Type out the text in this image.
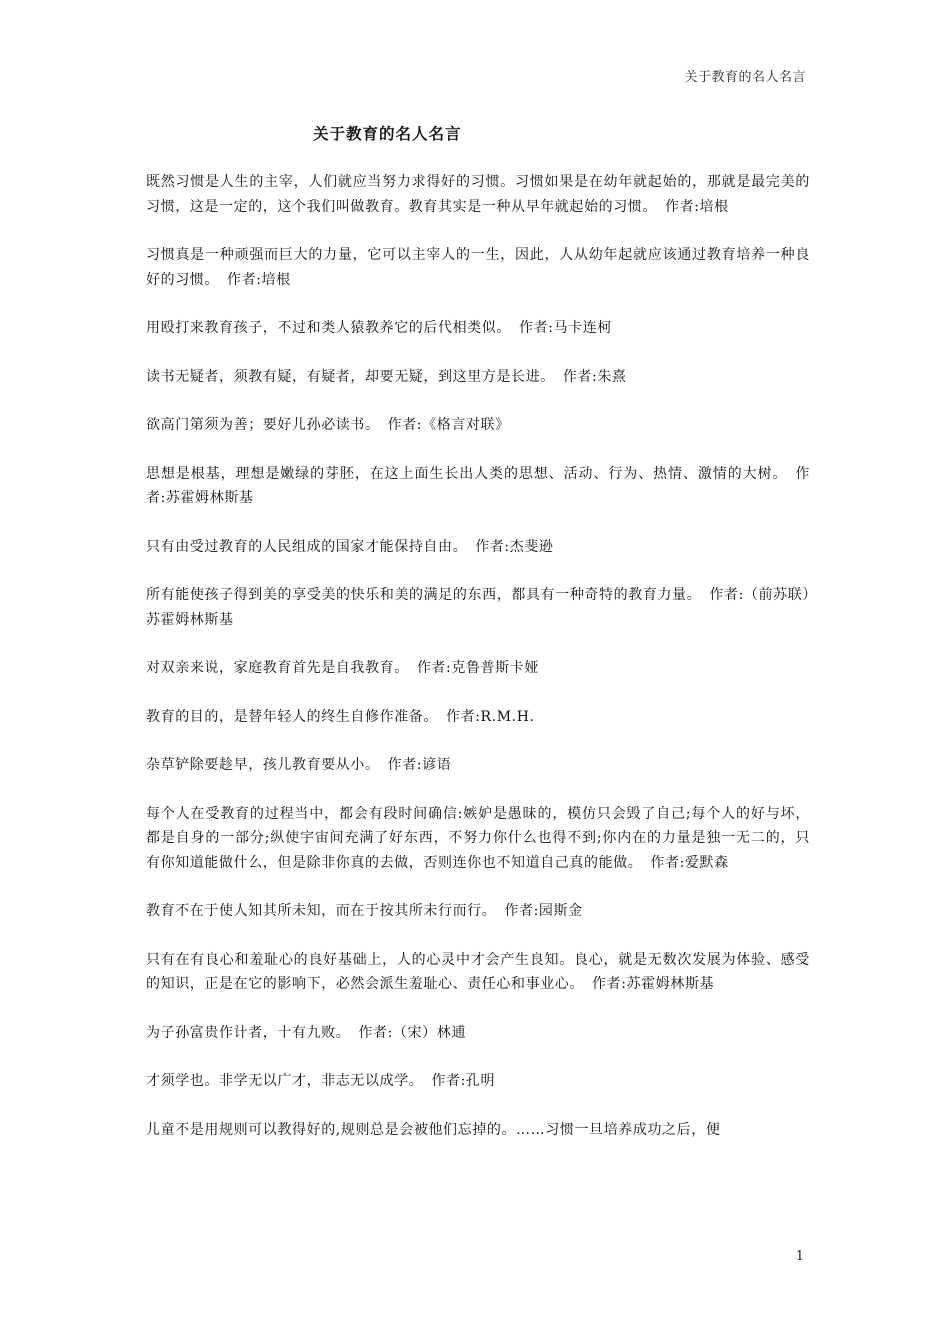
关于教育的名人名言
关于教育的名人名言

既然习惯是人生的主宰，人们就应当努力求得好的习惯。习惯如果是在幼年就起始的，那就是最完美的习惯，这是一定的，这个我们叫做教育。教育其实是一种从早年就起始的习惯。 作者:培根

习惯真是一种顽强而巨大的力量，它可以主宰人的一生，因此，人从幼年起就应该通过教育培养一种良好的习惯。 作者:培根

用殴打来教育孩子，不过和类人猿教养它的后代相类似。 作者:马卡连柯

读书无疑者，须教有疑，有疑者，却要无疑，到这里方是长进。 作者:朱熹

欲高门第须为善；要好儿孙必读书。 作者:《格言对联》

思想是根基，理想是嫩绿的芽胚，在这上面生长出人类的思想、活动、行为、热情、激情的大树。 作者:苏霍姆林斯基

只有由受过教育的人民组成的国家才能保持自由。 作者:杰斐逊

所有能使孩子得到美的享受美的快乐和美的满足的东西，都具有一种奇特的教育力量。 作者:（前苏联）苏霍姆林斯基

对双亲来说，家庭教育首先是自我教育。 作者:克鲁普斯卡娅

教育的目的，是替年轻人的终生自修作准备。 作者:R.M.H.

杂草铲除要趁早，孩儿教育要从小。 作者:谚语

每个人在受教育的过程当中，都会有段时间确信:嫉妒是愚昧的，模仿只会毁了自己;每个人的好与坏，都是自身的一部分;纵使宇宙间充满了好东西，不努力你什么也得不到;你内在的力量是独一无二的，只有你知道能做什么，但是除非你真的去做，否则连你也不知道自己真的能做。 作者:爱默森

教育不在于使人知其所未知，而在于按其所未行而行。 作者:园斯金

只有在有良心和羞耻心的良好基础上，人的心灵中才会产生良知。良心，就是无数次发展为体验、感受的知识，正是在它的影响下，必然会派生羞耻心、责任心和事业心。 作者:苏霍姆林斯基

为子孙富贵作计者，十有九败。 作者:（宋）林逋

才须学也。非学无以广才，非志无以成学。 作者:孔明

儿童不是用规则可以教得好的,规则总是会被他们忘掉的。……习惯一旦培养成功之后，便

1
